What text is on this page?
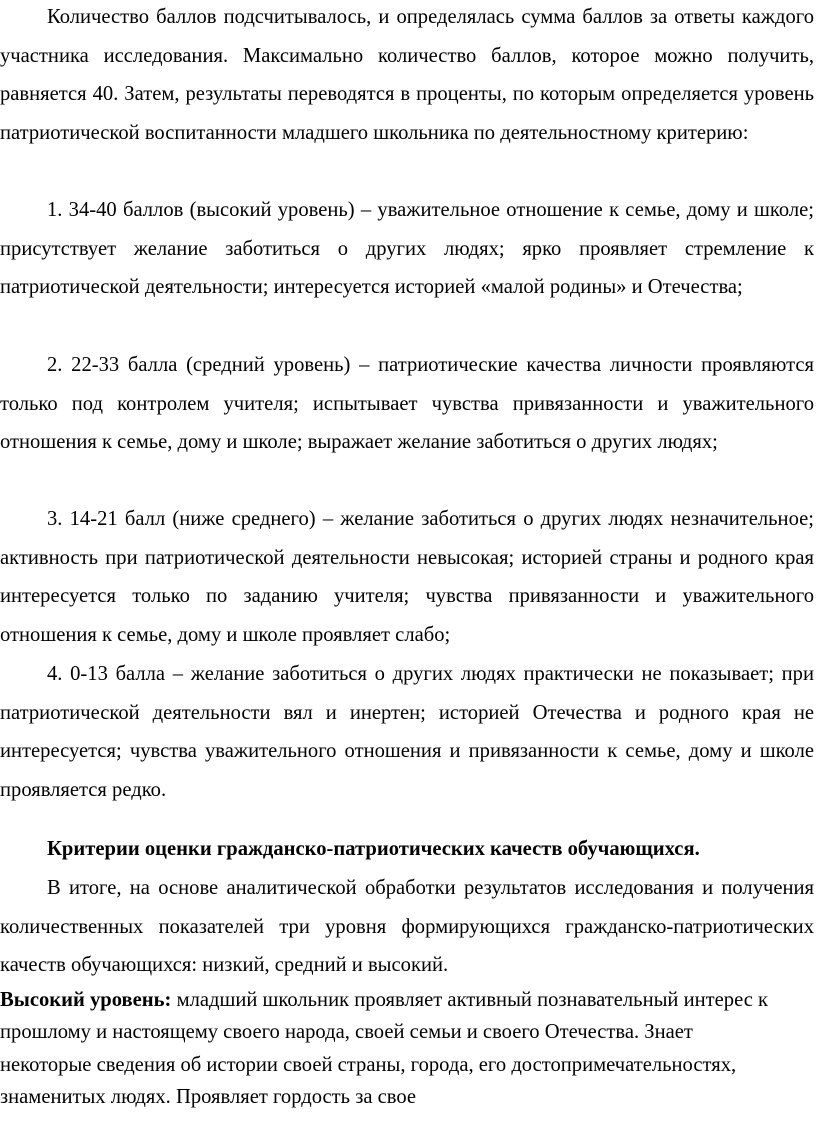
Количество баллов подсчитывалось, и определялась сумма баллов за ответы каждого участника исследования. Максимально количество баллов, которое можно получить, равняется 40. Затем, результаты переводятся в проценты, по которым определяется уровень патриотической воспитанности младшего школьника по деятельностному критерию:

1. 34-40 баллов (высокий уровень) – уважительное отношение к семье, дому и школе; присутствует желание заботиться о других людях; ярко проявляет стремление к патриотической деятельности; интересуется историей «малой родины» и Отечества;

2. 22-33 балла (средний уровень) – патриотические качества личности проявляются только под контролем учителя; испытывает чувства привязанности и уважительного отношения к семье, дому и школе; выражает желание заботиться о других людях;

3. 14-21 балл (ниже среднего) – желание заботиться о других людях незначительное; активность при патриотической деятельности невысокая; историей страны и родного края интересуется только по заданию учителя; чувства привязанности и уважительного отношения к семье, дому и школе проявляет слабо;

4. 0-13 балла – желание заботиться о других людях практически не показывает; при патриотической деятельности вял и инертен; историей Отечества и родного края не интересуется; чувства уважительного отношения и привязанности к семье, дому и школе проявляется редко.

Критерии оценки гражданско-патриотических качеств обучающихся.

В итоге, на основе аналитической обработки результатов исследования и получения количественных показателей три уровня формирующихся гражданско-патриотических качеств обучающихся: низкий, средний и высокий.

Высокий уровень: младший школьник проявляет активный познавательный интерес к прошлому и настоящему своего народа, своей семьи и своего Отечества. Знает некоторые сведения об истории своей страны, города, его достопримечательностях, знаменитых людях. Проявляет гордость за свое
